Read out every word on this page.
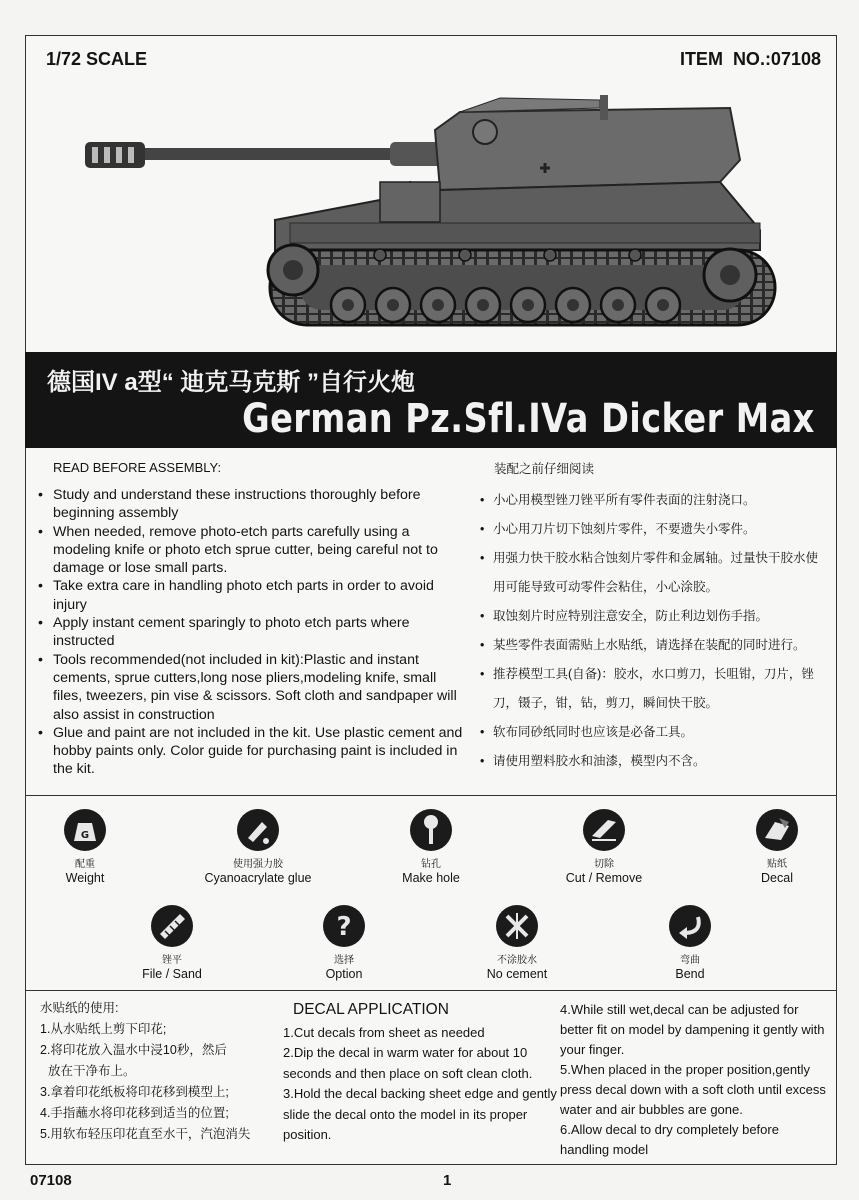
1/72 SCALE	ITEM NO.:07108
德国IV a型“ 迪克马克斯 ”自行火炮
German Pz.Sfl.IVa Dicker Max
READ BEFORE ASSEMBLY:
• Study and understand these instructions thoroughly before beginning assembly
• When needed, remove photo-etch parts carefully using a modeling knife or photo etch sprue cutter, being careful not to damage or lose small parts.
• Take extra care in handling photo etch parts in order to avoid injury
• Apply instant cement sparingly to photo etch parts where instructed
• Tools recommended(not included in kit):Plastic and instant cements, sprue cutters,long nose pliers,modeling knife, small files, tweezers, pin vise & scissors. Soft cloth and sandpaper will also assist in construction
• Glue and paint are not included in the kit. Use plastic cement and hobby paints only. Color guide for purchasing paint is included in the kit.
装配之前仔细阅读
• 小心用模型锉刀锉平所有零件表面的注射浇口。
• 小心用刀片切下蚀刻片零件，不要遗失小零件。
• 用强力快干胶水粘合蚀刻片零件和金属轴。过量快干胶水使用可能导致可动零件会粘住，小心涂胶。
• 取蚀刻片时应特别注意安全，防止利边划伤手指。
• 某些零件表面需贴上水贴纸，请选择在装配的同时进行。
• 推荐模型工具(自备)：胶水，水口剪刀，长咀钳，刀片，锉刀，镊子，钳，钻，剪刀，瞬间快干胶。
• 软布同砂纸同时也应该是必备工具。
• 请使用塑料胶水和油漆，模型内不含。
G
配重
Weight
使用强力胶
Cyanoacrylate glue
钻孔
Make hole
切除
Cut / Remove
贴纸
Decal
锉平
File / Sand
?
选择
Option
不涂胶水
No cement
弯曲
Bend
水贴纸的使用:
1.从水贴纸上剪下印花;
2.将印花放入温水中浸10秒，然后
放在干净布上。
3.拿着印花纸板将印花移到模型上;
4.手指蘸水将印花移到适当的位置;
5.用软布轻压印花直至水干，汽泡消失
DECAL APPLICATION
1.Cut decals from sheet as needed
2.Dip the decal in warm water for about 10 seconds and then place on soft clean cloth.
3.Hold the decal backing sheet edge and gently slide the decal onto the model in its proper position.
4.While still wet,decal can be adjusted for better fit on model by dampening it gently with your finger.
5.When placed in the proper position,gently press decal down with a soft cloth until excess water and air bubbles are gone.
6.Allow decal to dry completely before handling model
07108	1
